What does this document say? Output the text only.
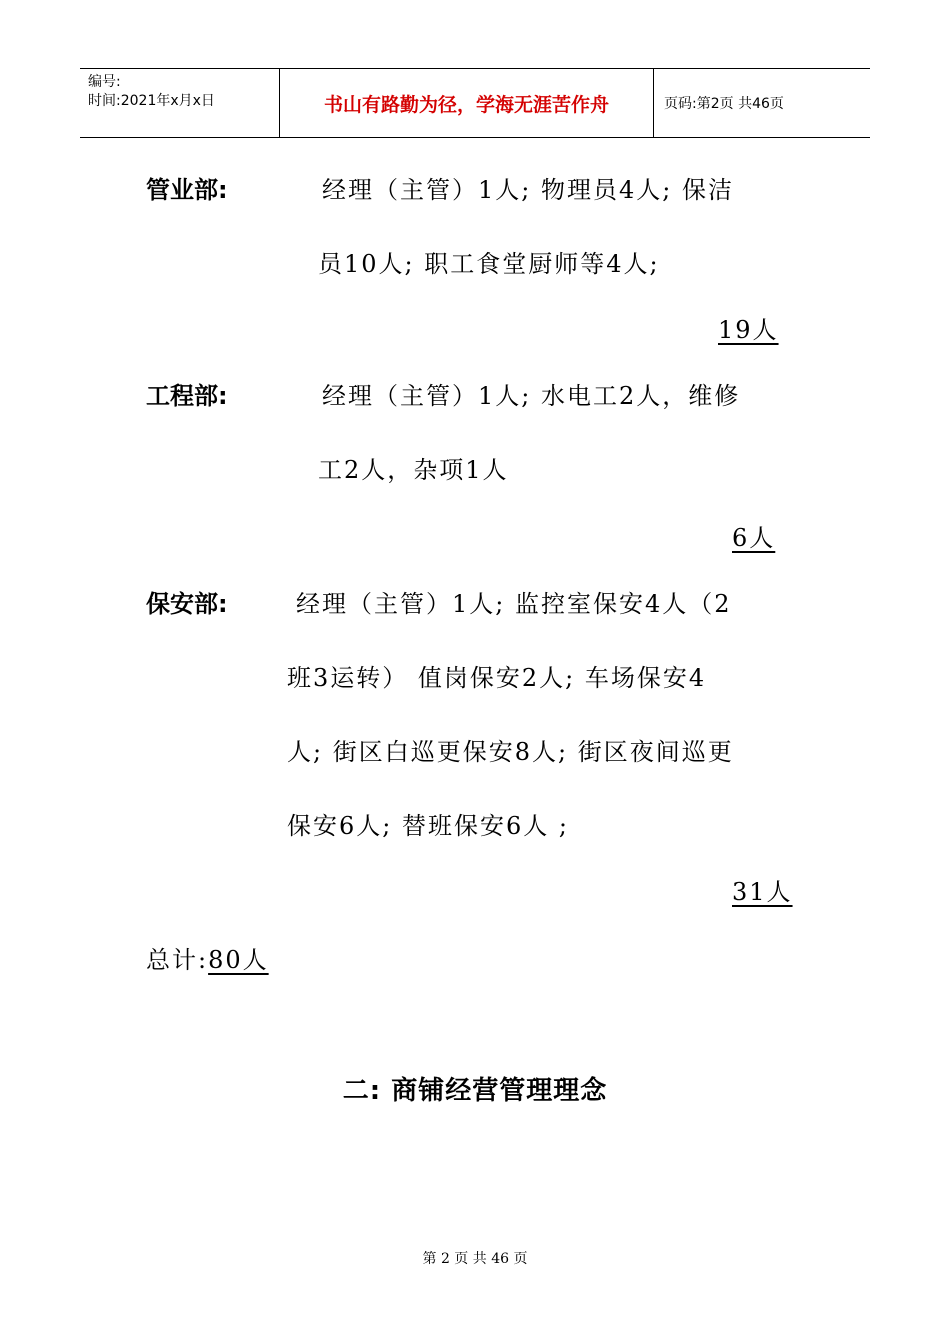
编号:
时间:2021年x月x日	书山有路勤为径，学海无涯苦作舟	页码:第2页 共46页
管业部:	经理（主管）1人; 物理员4人; 保洁
员10人; 职工食堂厨师等4人;
19人
工程部:	经理（主管）1人; 水电工2人，维修
工2人，杂项1人
6人
保安部:	经理（主管）1人; 监控室保安4人（2
班3运转） 值岗保安2人; 车场保安4
人; 街区白巡更保安8人; 街区夜间巡更
保安6人; 替班保安6人 ;
31人
总计:80人
二: 商铺经营管理理念
第 2 页 共 46 页
